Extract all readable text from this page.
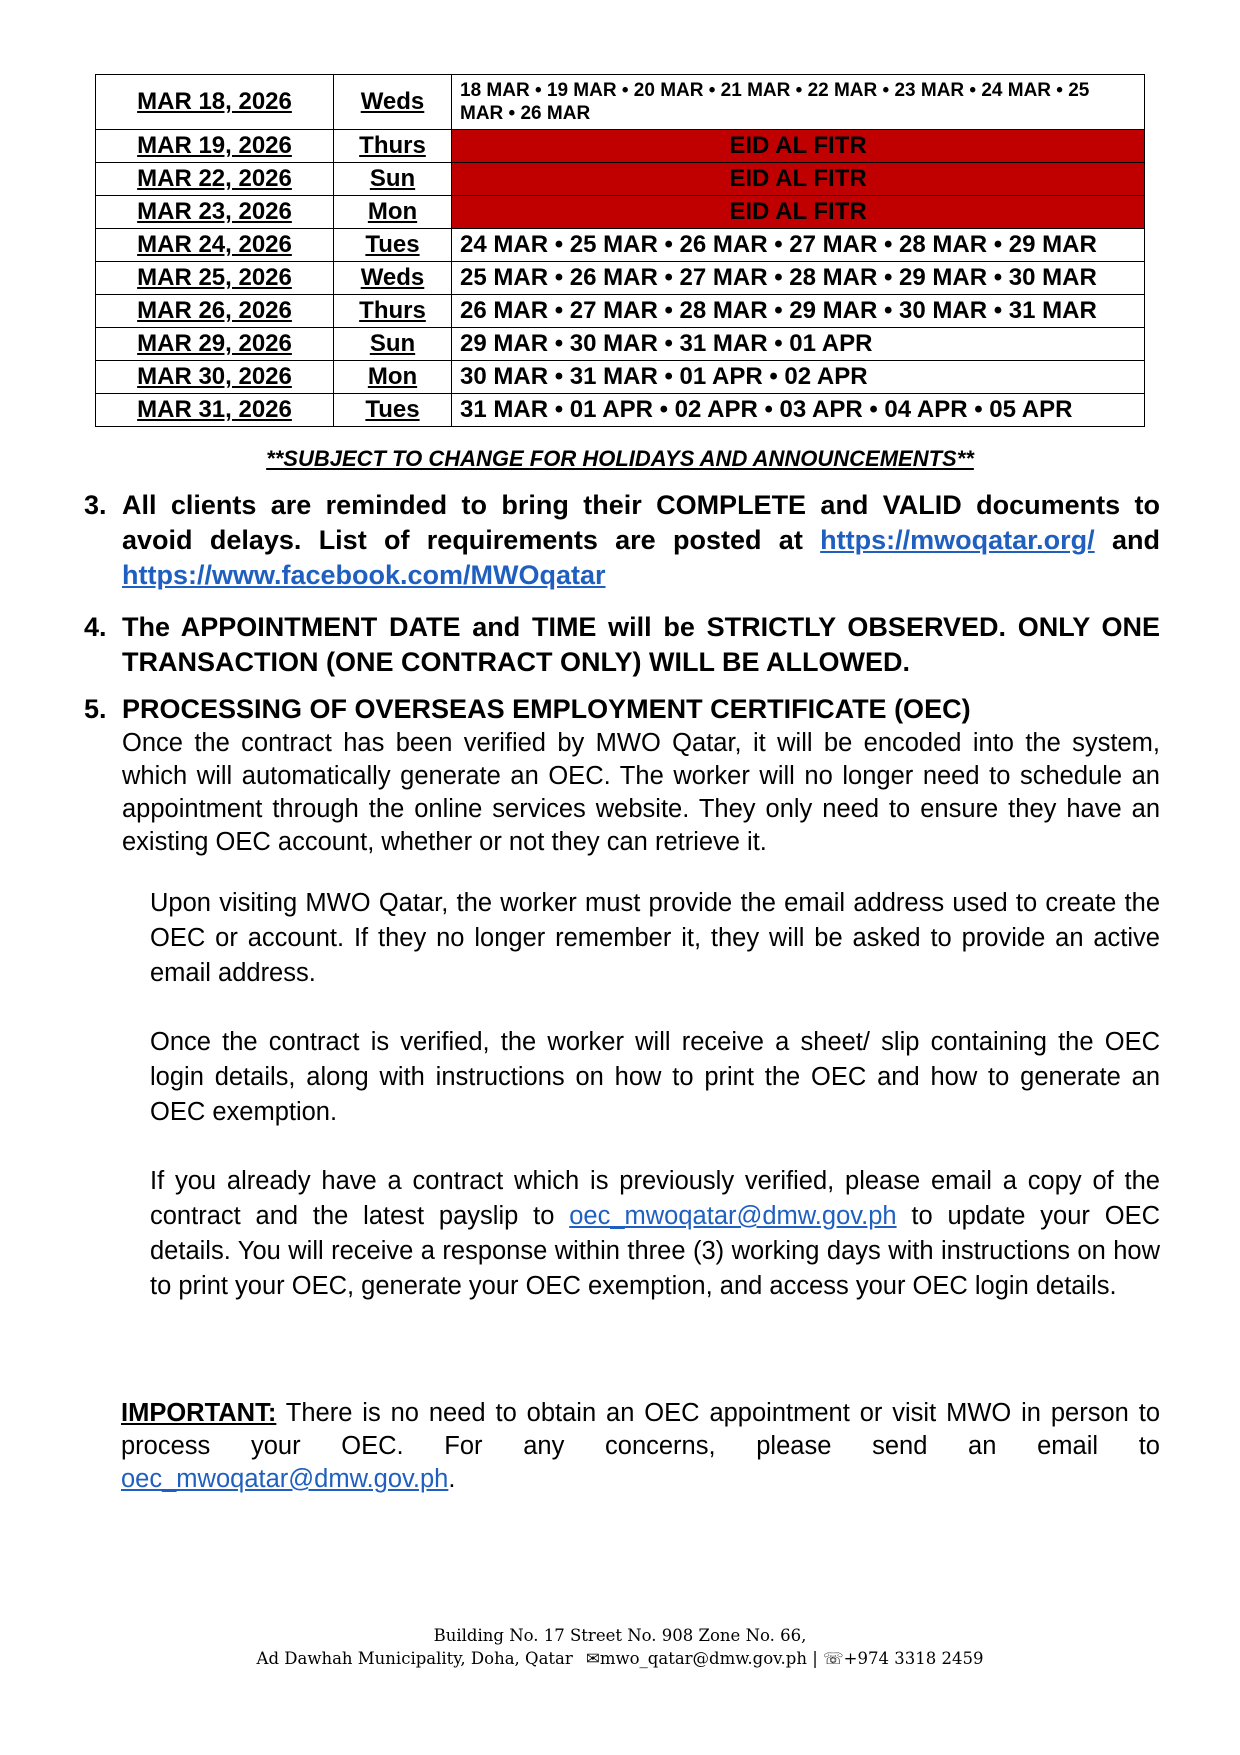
MAR 18, 2026	Weds	18 MAR • 19 MAR • 20 MAR • 21 MAR • 22 MAR • 23 MAR • 24 MAR • 25 MAR • 26 MAR
MAR 19, 2026	Thurs	EID AL FITR
MAR 22, 2026	Sun	EID AL FITR
MAR 23, 2026	Mon	EID AL FITR
MAR 24, 2026	Tues	24 MAR • 25 MAR • 26 MAR • 27 MAR • 28 MAR • 29 MAR
MAR 25, 2026	Weds	25 MAR • 26 MAR • 27 MAR • 28 MAR • 29 MAR • 30 MAR
MAR 26, 2026	Thurs	26 MAR • 27 MAR • 28 MAR • 29 MAR • 30 MAR • 31 MAR
MAR 29, 2026	Sun	29 MAR • 30 MAR • 31 MAR • 01 APR
MAR 30, 2026	Mon	30 MAR • 31 MAR • 01 APR • 02 APR
MAR 31, 2026	Tues	31 MAR • 01 APR • 02 APR • 03 APR • 04 APR • 05 APR
**SUBJECT TO CHANGE FOR HOLIDAYS AND ANNOUNCEMENTS**
3. All clients are reminded to bring their COMPLETE and VALID documents to avoid delays. List of requirements are posted at https://mwoqatar.org/ and https://www.facebook.com/MWOqatar
4. The APPOINTMENT DATE and TIME will be STRICTLY OBSERVED. ONLY ONE TRANSACTION (ONE CONTRACT ONLY) WILL BE ALLOWED.
5. PROCESSING OF OVERSEAS EMPLOYMENT CERTIFICATE (OEC)
Once the contract has been verified by MWO Qatar, it will be encoded into the system, which will automatically generate an OEC. The worker will no longer need to schedule an appointment through the online services website. They only need to ensure they have an existing OEC account, whether or not they can retrieve it.
Upon visiting MWO Qatar, the worker must provide the email address used to create the OEC or account. If they no longer remember it, they will be asked to provide an active email address.
Once the contract is verified, the worker will receive a sheet/ slip containing the OEC login details, along with instructions on how to print the OEC and how to generate an OEC exemption.
If you already have a contract which is previously verified, please email a copy of the contract and the latest payslip to oec_mwoqatar@dmw.gov.ph to update your OEC details. You will receive a response within three (3) working days with instructions on how to print your OEC, generate your OEC exemption, and access your OEC login details.
IMPORTANT: There is no need to obtain an OEC appointment or visit MWO in person to process your OEC. For any concerns, please send an email to oec_mwoqatar@dmw.gov.ph.
Building No. 17 Street No. 908 Zone No. 66,
Ad Dawhah Municipality, Doha, Qatar ✉mwo_qatar@dmw.gov.ph | ☏+974 3318 2459
